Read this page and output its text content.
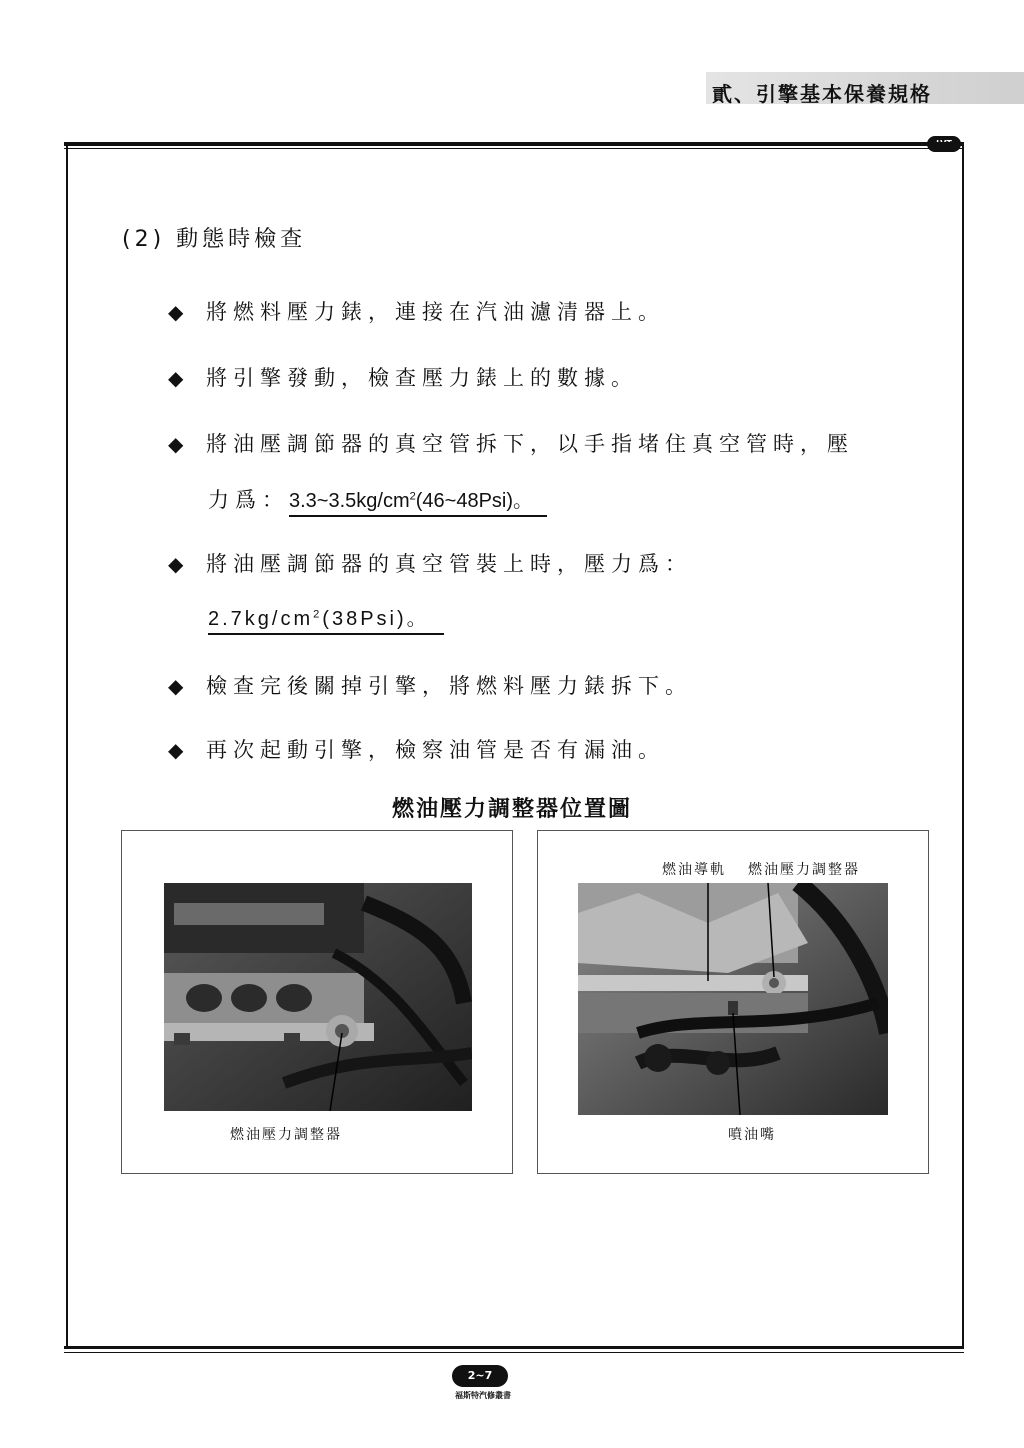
貳、引擎基本保養規格
(2) 動態時檢查
◆ 將燃料壓力錶，連接在汽油濾清器上。
◆ 將引擎發動，檢查壓力錶上的數據。
◆ 將油壓調節器的真空管拆下，以手指堵住真空管時，壓
力爲：$3.3\sim 3.5kg/cm^2(46\sim 48Psi)$。
◆ 將油壓調節器的真空管裝上時，壓力爲：
$2.7kg/cm^2(38Psi)$。
◆ 檢查完後關掉引擎，將燃料壓力錶拆下。
◆ 再次起動引擎，檢察油管是否有漏油。
燃油壓力調整器位置圖
燃油壓力調整器
燃油導軌 燃油壓力調整器
噴油嘴
2~7
福斯特汽修叢書
